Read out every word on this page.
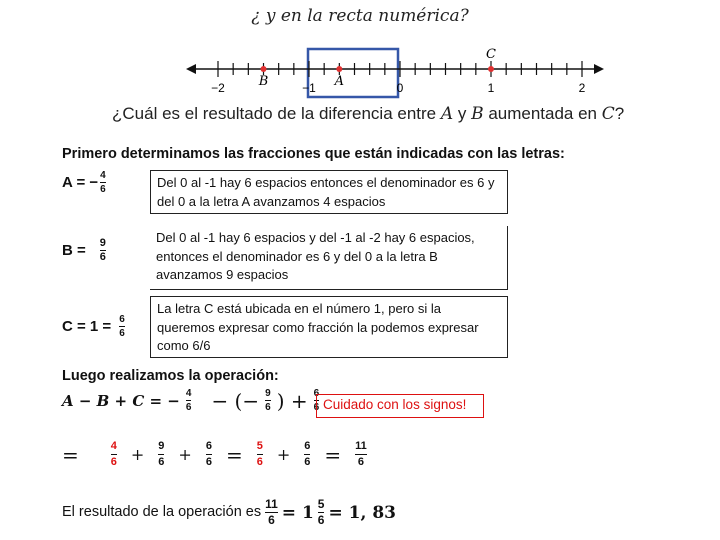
¿ y en la recta numérica?
−2	−1	0	1	2
B	A
C
¿Cuál es el resultado de la diferencia entre A y B aumentada en C?
Primero determinamos las fracciones que están indicadas con las letras:
A = − $\frac{4}{6}$	Del 0 al -1 hay 6 espacios entonces el denominador es 6 y del 0 a la letra A avanzamos 4 espacios
$B = \frac{9}{6}$
Del 0 al -1 hay 6 espacios y del -1 al -2 hay 6 espacios, entonces el denominador es 6 y del 0 a la letra B avanzamos 9 espacios
$C = 1 = \frac{6}{6}$
La letra C está ubicada en el número 1, pero si la queremos expresar como fracción la podemos expresar como 6/6
Luego realizamos la operación:
A − B + C = − $\frac{4}{6}$ − (− $\frac{9}{6}$ ) + $\frac{6}{6}$ Cuidado con los signos!
=	$\frac{4}{6} + \frac{9}{6} + \frac{6}{6} = \frac{5}{6} + \frac{6}{6} = \frac{11}{6}$
El resultado de la operación es $\frac{11}{6} = 1 \frac{5}{6} = 1$, 83
